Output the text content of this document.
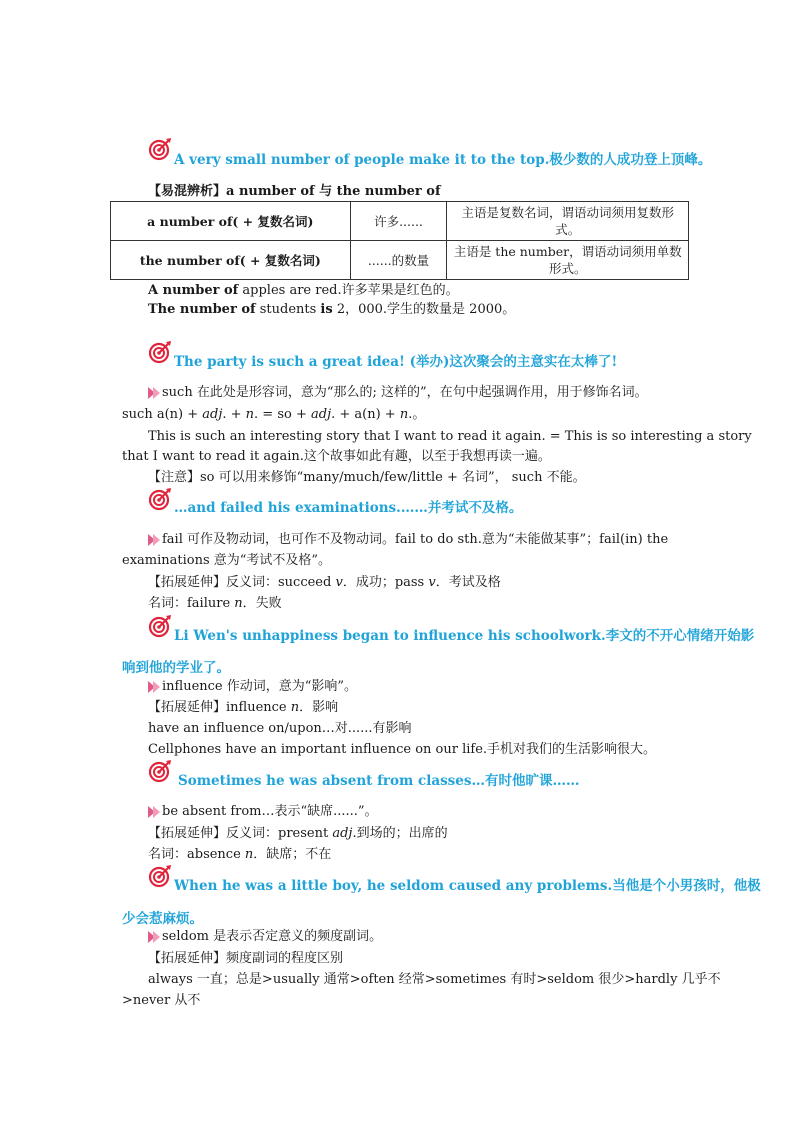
A very small number of people make it to the top.极少数的人成功登上顶峰。
【易混辨析】a number of 与 the number of
a number of( + 复数名词)	许多......	主语是复数名词，谓语动词须用复数形式。
the number of( + 复数名词)	......的数量	主语是 the number，谓语动词须用单数形式。
A number of apples are red.许多苹果是红色的。
The number of students is 2，000.学生的数量是 2000。
The party is such a great idea! (举办)这次聚会的主意实在太棒了!
such 在此处是形容词，意为“那么的; 这样的”，在句中起强调作用，用于修饰名词。
such a(n) + adj. + n. = so + adj. + a(n) + n.。
This is such an interesting story that I want to read it again. = This is so interesting a story
that I want to read it again.这个故事如此有趣，以至于我想再读一遍。
【注意】so 可以用来修饰“many/much/few/little + 名词”， such 不能。
…and failed his examinations.……并考试不及格。
fail 可作及物动词，也可作不及物动词。fail to do sth.意为“未能做某事”；fail(in) the
examinations 意为“考试不及格”。
【拓展延伸】反义词：succeed v．成功；pass v．考试及格
名词：failure n．失败
Li Wen's unhappiness began to influence his schoolwork.李文的不开心情绪开始影
响到他的学业了。
influence 作动词，意为“影响”。
【拓展延伸】influence n．影响
have an influence on/upon…对......有影响
Cellphones have an important influence on our life.手机对我们的生活影响很大。
Sometimes he was absent from classes…有时他旷课……
be absent from…表示“缺席......”。
【拓展延伸】反义词：present adj.到场的；出席的
名词：absence n．缺席；不在
When he was a little boy, he seldom caused any problems.当他是个小男孩时，他极
少会惹麻烦。
seldom 是表示否定意义的频度副词。
【拓展延伸】频度副词的程度区别
always 一直；总是>usually 通常>often 经常>sometimes 有时>seldom 很少>hardly 几乎不
>never 从不
